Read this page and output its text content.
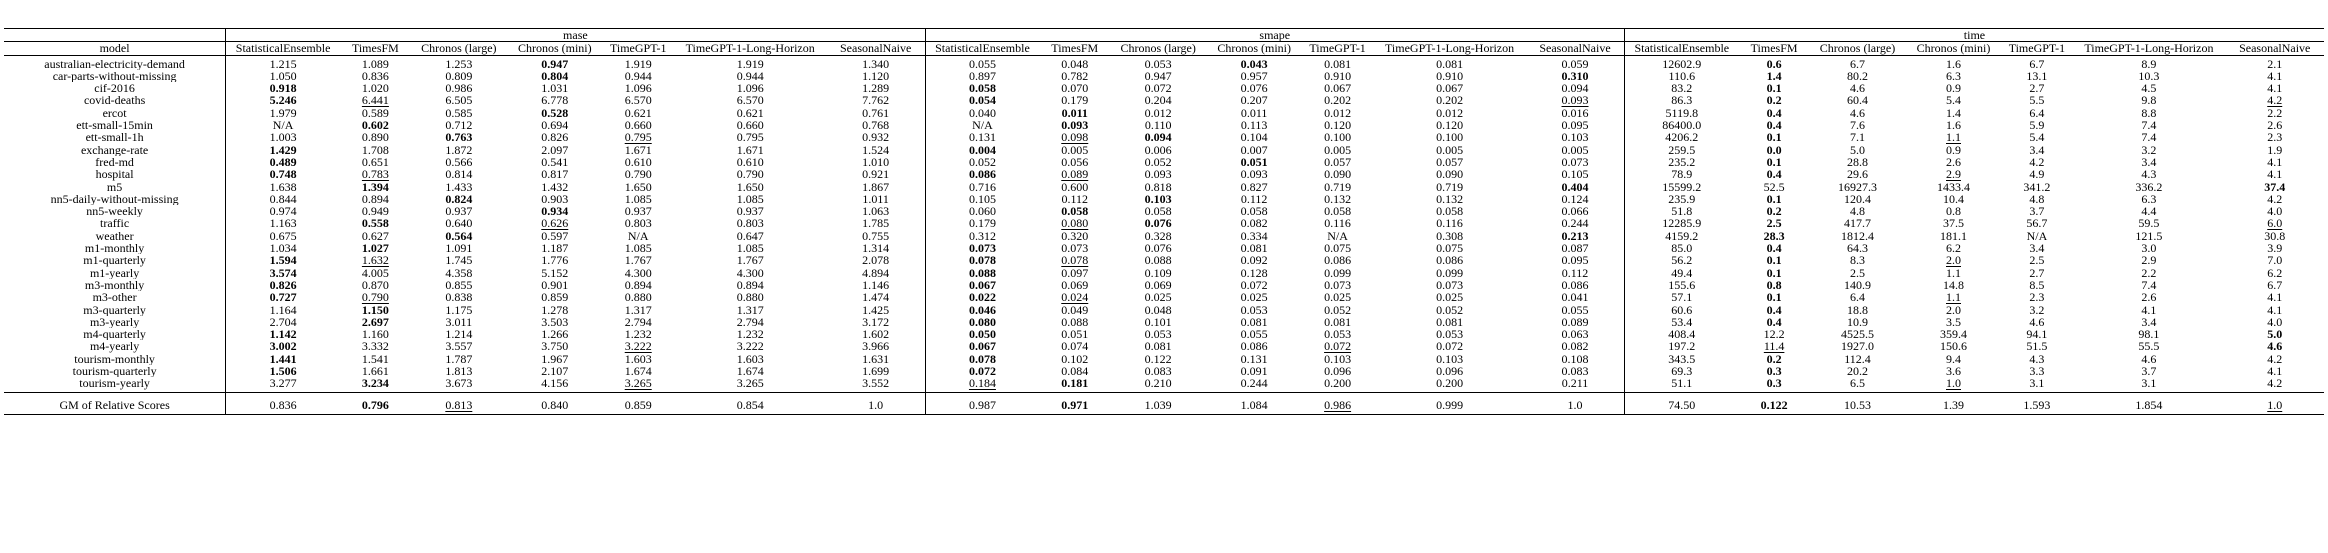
	mase							smape							time						
model	StatisticalEnsemble	TimesFM	Chronos (large)	Chronos (mini)	TimeGPT-1	TimeGPT-1-Long-Horizon	SeasonalNaive	StatisticalEnsemble	TimesFM	Chronos (large)	Chronos (mini)	TimeGPT-1	TimeGPT-1-Long-Horizon	SeasonalNaive	StatisticalEnsemble	TimesFM	Chronos (large)	Chronos (mini)	TimeGPT-1	TimeGPT-1-Long-Horizon	SeasonalNaive
australian-electricity-demand	1.215	1.089	1.253	0.947	1.919	1.919	1.340	0.055	0.048	0.053	0.043	0.081	0.081	0.059	12602.9	0.6	6.7	1.6	6.7	8.9	2.1
car-parts-without-missing	1.050	0.836	0.809	0.804	0.944	0.944	1.120	0.897	0.782	0.947	0.957	0.910	0.910	0.310	110.6	1.4	80.2	6.3	13.1	10.3	4.1
cif-2016	0.918	1.020	0.986	1.031	1.096	1.096	1.289	0.058	0.070	0.072	0.076	0.067	0.067	0.094	83.2	0.1	4.6	0.9	2.7	4.5	4.1
covid-deaths	5.246	6.441	6.505	6.778	6.570	6.570	7.762	0.054	0.179	0.204	0.207	0.202	0.202	0.093	86.3	0.2	60.4	5.4	5.5	9.8	4.2
ercot	1.979	0.589	0.585	0.528	0.621	0.621	0.761	0.040	0.011	0.012	0.011	0.012	0.012	0.016	5119.8	0.4	4.6	1.4	6.4	8.8	2.2
ett-small-15min	N/A	0.602	0.712	0.694	0.660	0.660	0.768	N/A	0.093	0.110	0.113	0.120	0.120	0.095	86400.0	0.4	7.6	1.6	5.9	7.4	2.6
ett-small-1h	1.003	0.890	0.763	0.826	0.795	0.795	0.932	0.131	0.098	0.094	0.104	0.100	0.100	0.103	4206.2	0.1	7.1	1.1	5.4	7.4	2.3
exchange-rate	1.429	1.708	1.872	2.097	1.671	1.671	1.524	0.004	0.005	0.006	0.007	0.005	0.005	0.005	259.5	0.0	5.0	0.9	3.4	3.2	1.9
fred-md	0.489	0.651	0.566	0.541	0.610	0.610	1.010	0.052	0.056	0.052	0.051	0.057	0.057	0.073	235.2	0.1	28.8	2.6	4.2	3.4	4.1
hospital	0.748	0.783	0.814	0.817	0.790	0.790	0.921	0.086	0.089	0.093	0.093	0.090	0.090	0.105	78.9	0.4	29.6	2.9	4.9	4.3	4.1
m5	1.638	1.394	1.433	1.432	1.650	1.650	1.867	0.716	0.600	0.818	0.827	0.719	0.719	0.404	15599.2	52.5	16927.3	1433.4	341.2	336.2	37.4
nn5-daily-without-missing	0.844	0.894	0.824	0.903	1.085	1.085	1.011	0.105	0.112	0.103	0.112	0.132	0.132	0.124	235.9	0.1	120.4	10.4	4.8	6.3	4.2
nn5-weekly	0.974	0.949	0.937	0.934	0.937	0.937	1.063	0.060	0.058	0.058	0.058	0.058	0.058	0.066	51.8	0.2	4.8	0.8	3.7	4.4	4.0
traffic	1.163	0.558	0.640	0.626	0.803	0.803	1.785	0.179	0.080	0.076	0.082	0.116	0.116	0.244	12285.9	2.5	417.7	37.5	56.7	59.5	6.0
weather	0.675	0.627	0.564	0.597	N/A	0.647	0.755	0.312	0.320	0.328	0.334	N/A	0.308	0.213	4159.2	28.3	1812.4	181.1	N/A	121.5	30.8
m1-monthly	1.034	1.027	1.091	1.187	1.085	1.085	1.314	0.073	0.073	0.076	0.081	0.075	0.075	0.087	85.0	0.4	64.3	6.2	3.4	3.0	3.9
m1-quarterly	1.594	1.632	1.745	1.776	1.767	1.767	2.078	0.078	0.078	0.088	0.092	0.086	0.086	0.095	56.2	0.1	8.3	2.0	2.5	2.9	7.0
m1-yearly	3.574	4.005	4.358	5.152	4.300	4.300	4.894	0.088	0.097	0.109	0.128	0.099	0.099	0.112	49.4	0.1	2.5	1.1	2.7	2.2	6.2
m3-monthly	0.826	0.870	0.855	0.901	0.894	0.894	1.146	0.067	0.069	0.069	0.072	0.073	0.073	0.086	155.6	0.8	140.9	14.8	8.5	7.4	6.7
m3-other	0.727	0.790	0.838	0.859	0.880	0.880	1.474	0.022	0.024	0.025	0.025	0.025	0.025	0.041	57.1	0.1	6.4	1.1	2.3	2.6	4.1
m3-quarterly	1.164	1.150	1.175	1.278	1.317	1.317	1.425	0.046	0.049	0.048	0.053	0.052	0.052	0.055	60.6	0.4	18.8	2.0	3.2	4.1	4.1
m3-yearly	2.704	2.697	3.011	3.503	2.794	2.794	3.172	0.080	0.088	0.101	0.081	0.081	0.081	0.089	53.4	0.4	10.9	3.5	4.6	3.4	4.0
m4-quarterly	1.142	1.160	1.214	1.266	1.232	1.232	1.602	0.050	0.051	0.053	0.055	0.053	0.053	0.063	408.4	12.2	4525.5	359.4	94.1	98.1	5.0
m4-yearly	3.002	3.332	3.557	3.750	3.222	3.222	3.966	0.067	0.074	0.081	0.086	0.072	0.072	0.082	197.2	11.4	1927.0	150.6	51.5	55.5	4.6
tourism-monthly	1.441	1.541	1.787	1.967	1.603	1.603	1.631	0.078	0.102	0.122	0.131	0.103	0.103	0.108	343.5	0.2	112.4	9.4	4.3	4.6	4.2
tourism-quarterly	1.506	1.661	1.813	2.107	1.674	1.674	1.699	0.072	0.084	0.083	0.091	0.096	0.096	0.083	69.3	0.3	20.2	3.6	3.3	3.7	4.1
tourism-yearly	3.277	3.234	3.673	4.156	3.265	3.265	3.552	0.184	0.181	0.210	0.244	0.200	0.200	0.211	51.1	0.3	6.5	1.0	3.1	3.1	4.2
GM of Relative Scores	0.836	0.796	0.813	0.840	0.859	0.854	1.0	0.987	0.971	1.039	1.084	0.986	0.999	1.0	74.50	0.122	10.53	1.39	1.593	1.854	1.0
